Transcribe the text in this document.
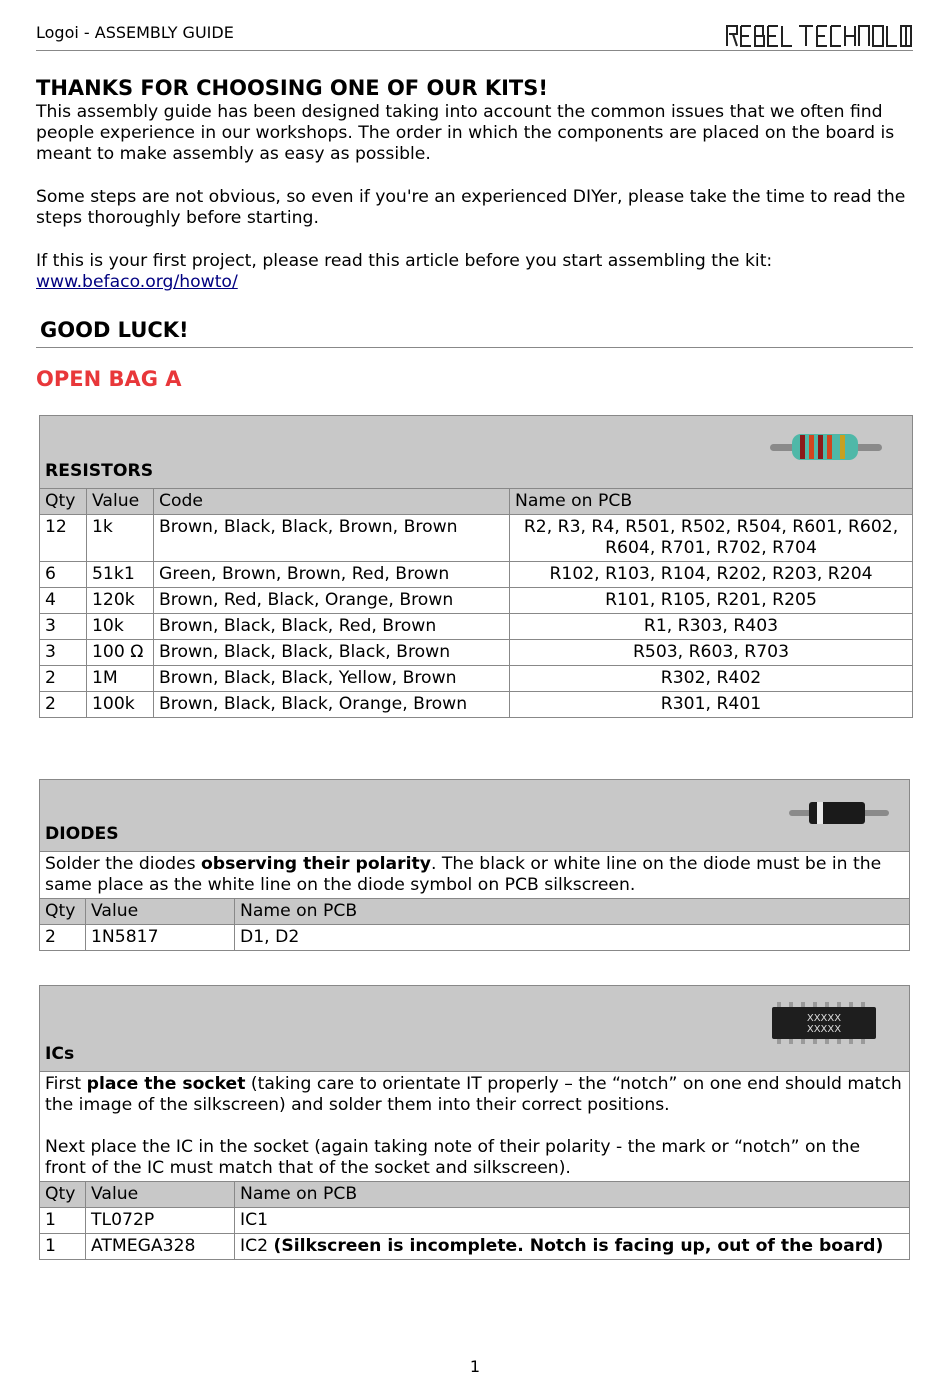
Logoi - ASSEMBLY GUIDE
THANKS FOR CHOOSING ONE OF OUR KITS!
This assembly guide has been designed taking into account the common issues that we often find people experience in our workshops. The order in which the components are placed on the board is meant to make assembly as easy as possible.
Some steps are not obvious, so even if you're an experienced DIYer, please take the time to read the steps thoroughly before starting.
If this is your first project, please read this article before you start assembling the kit:
www.befaco.org/howto/
GOOD LUCK!
OPEN BAG A
RESISTORS			

Qty	Value	Code	Name on PCB
12	1k	Brown, Black, Black, Brown, Brown	R2, R3, R4, R501, R502, R504, R601, R602, R604, R701, R702, R704
6	51k1	Green, Brown, Brown, Red, Brown	R102, R103, R104, R202, R203, R204
4	120k	Brown, Red, Black, Orange, Brown	R101, R105, R201, R205
3	10k	Brown, Black, Black, Red, Brown	R1, R303, R403
3	100 Ω	Brown, Black, Black, Black, Brown	R503, R603, R703
2	1M	Brown, Black, Black, Yellow, Brown	R302, R402
2	100k	Brown, Black, Black, Orange, Brown	R301, R401
DIODES		

Solder the diodes observing their polarity. The black or white line on the diode must be in the same place as the white line on the diode symbol on PCB silkscreen.		
Qty	Value	Name on PCB
2	1N5817	D1, D2
XXXXX
XXXXX
ICs		

First place the socket (taking care to orientate IT properly – the “notch” on one end should match the image of the silkscreen) and solder them into their correct positions.
Next place the IC in the socket (again taking note of their polarity - the mark or “notch” on the front of the IC must match that of the socket and silkscreen).		

Qty	Value	Name on PCB
1	TL072P	IC1
1	ATMEGA328	IC2 (Silkscreen is incomplete. Notch is facing up, out of the board)
1
